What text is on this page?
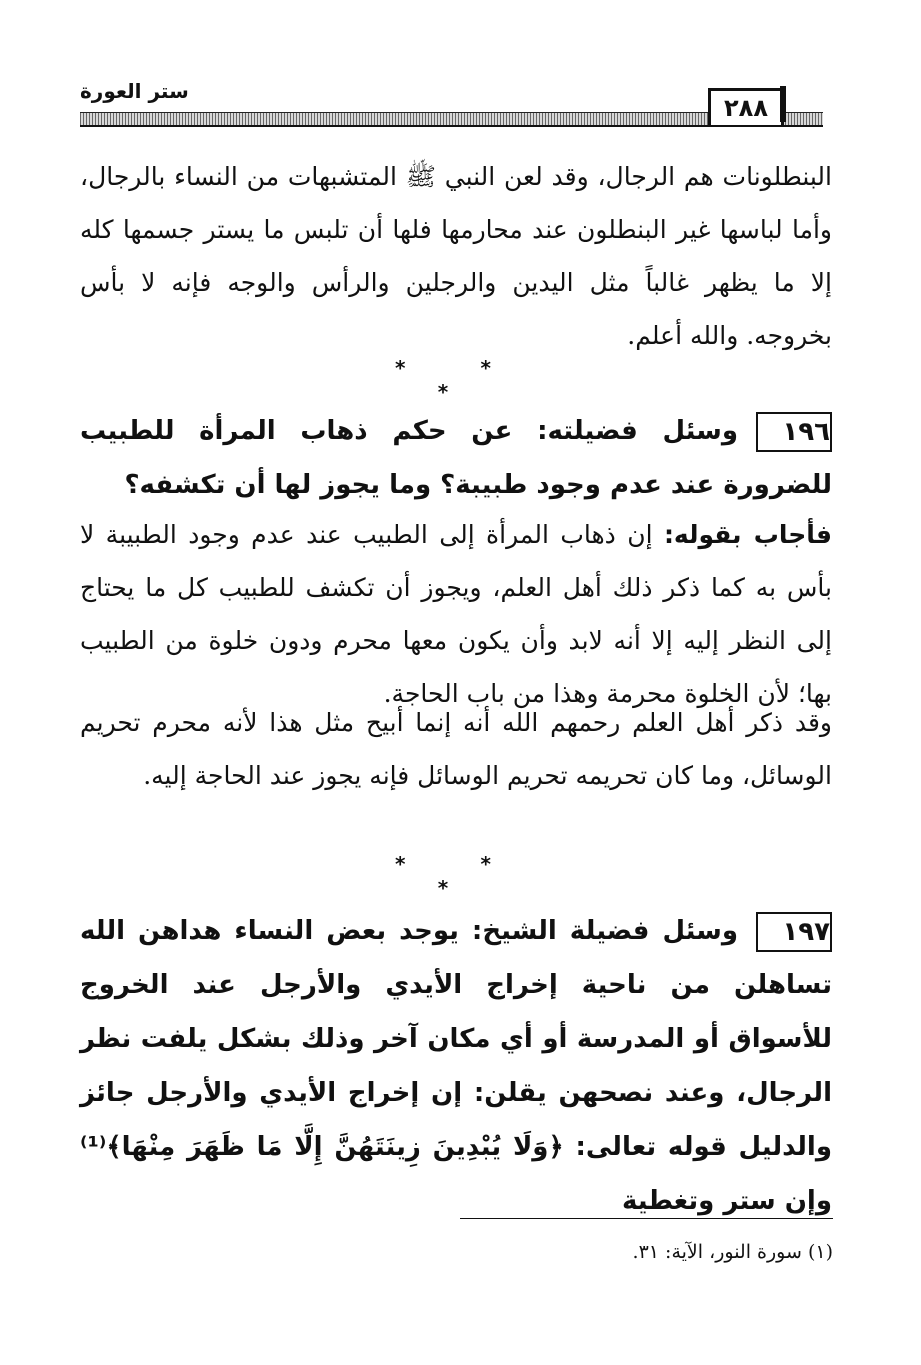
ستر العورة
٢٨٨

البنطلونات هم الرجال، وقد لعن النبي ﷺ المتشبهات من النساء بالرجال، وأما لباسها غير البنطلون عند محارمها فلها أن تلبس ما يستر جسمها كله إلا ما يظهر غالباً مثل اليدين والرجلين والرأس والوجه فإنه لا بأس بخروجه. والله أعلم.

* * *

١٩٦وسئل فضيلته: عن حكم ذهاب المرأة للطبيب للضرورة عند عدم وجود طبيبة؟ وما يجوز لها أن تكشفه؟

فأجاب بقوله: إن ذهاب المرأة إلى الطبيب عند عدم وجود الطبيبة لا بأس به كما ذكر ذلك أهل العلم، ويجوز أن تكشف للطبيب كل ما يحتاج إلى النظر إليه إلا أنه لابد وأن يكون معها محرم ودون خلوة من الطبيب بها؛ لأن الخلوة محرمة وهذا من باب الحاجة.

وقد ذكر أهل العلم رحمهم الله أنه إنما أبيح مثل هذا لأنه محرم تحريم الوسائل، وما كان تحريمه تحريم الوسائل فإنه يجوز عند الحاجة إليه.

* * *

١٩٧وسئل فضيلة الشيخ: يوجد بعض النساء هداهن الله تساهلن من ناحية إخراج الأيدي والأرجل عند الخروج للأسواق أو المدرسة أو أي مكان آخر وذلك بشكل يلفت نظر الرجال، وعند نصحهن يقلن: إن إخراج الأيدي والأرجل جائز والدليل قوله تعالى: ﴿وَلَا يُبْدِينَ زِينَتَهُنَّ إِلَّا مَا ظَهَرَ مِنْهَا﴾⁽¹⁾ وإن ستر وتغطية

(١) سورة النور، الآية: ٣١.
